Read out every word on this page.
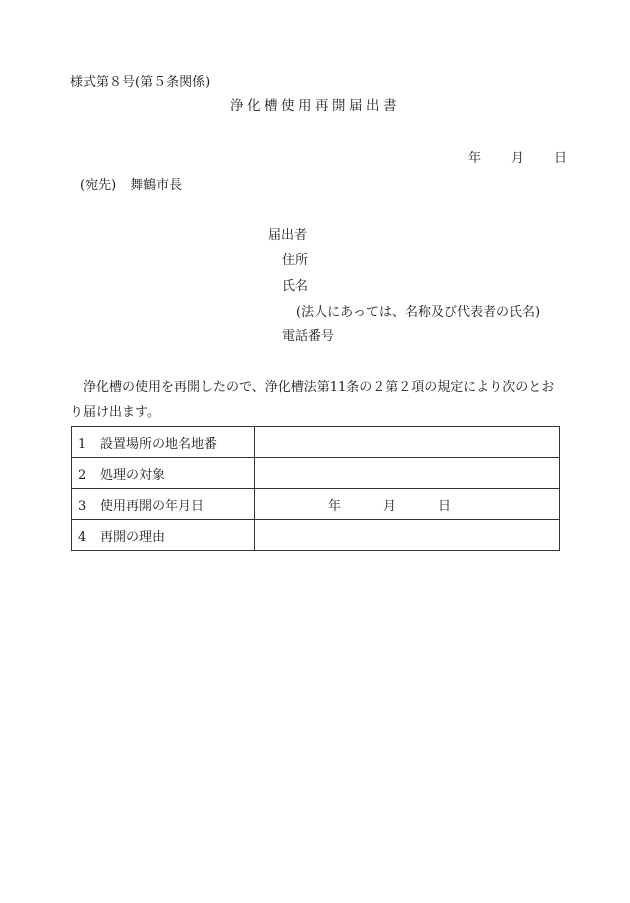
様式第８号(第５条関係)
浄化槽使用再開届出書
年 月 日
(宛先) 舞鶴市長
届出者
住所
氏名
(法人にあっては、名称及び代表者の氏名)
電話番号
浄化槽の使用を再開したので、浄化槽法第11条の２第２項の規定により次のとおり届け出ます。
1 設置場所の地名地番	
2 処理の対象	
3 使用再開の年月日	年 月 日

4 再開の理由	
